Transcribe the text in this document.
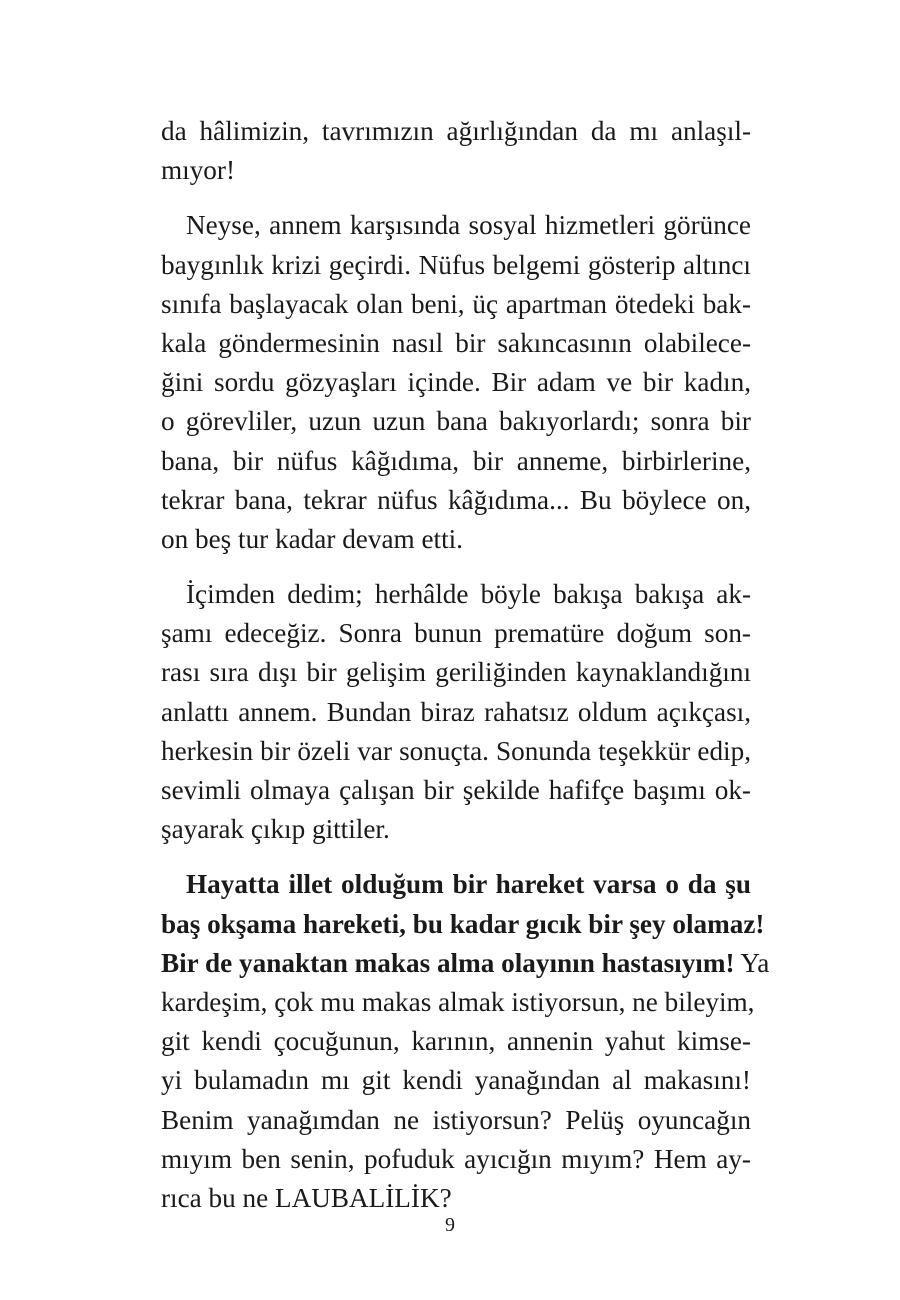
da hâlimizin, tavrımızın ağırlığından da mı anlaşıl-
mıyor!
Neyse, annem karşısında sosyal hizmetleri görünce
baygınlık krizi geçirdi. Nüfus belgemi gösterip altıncı
sınıfa başlayacak olan beni, üç apartman ötedeki bak-
kala göndermesinin nasıl bir sakıncasının olabilece-
ğini sordu gözyaşları içinde. Bir adam ve bir kadın,
o görevliler, uzun uzun bana bakıyorlardı; sonra bir
bana, bir nüfus kâğıdıma, bir anneme, birbirlerine,
tekrar bana, tekrar nüfus kâğıdıma... Bu böylece on,
on beş tur kadar devam etti.
İçimden dedim; herhâlde böyle bakışa bakışa ak-
şamı edeceğiz. Sonra bunun prematüre doğum son-
rası sıra dışı bir gelişim geriliğinden kaynaklandığını
anlattı annem. Bundan biraz rahatsız oldum açıkçası,
herkesin bir özeli var sonuçta. Sonunda teşekkür edip,
sevimli olmaya çalışan bir şekilde hafifçe başımı ok-
şayarak çıkıp gittiler.
Hayatta illet olduğum bir hareket varsa o da şu
baş okşama hareketi, bu kadar gıcık bir şey olamaz!
Bir de yanaktan makas alma olayının hastasıyım! Ya
kardeşim, çok mu makas almak istiyorsun, ne bileyim,
git kendi çocuğunun, karının, annenin yahut kimse-
yi bulamadın mı git kendi yanağından al makasını!
Benim yanağımdan ne istiyorsun? Pelüş oyuncağın
mıyım ben senin, pofuduk ayıcığın mıyım? Hem ay-
rıca bu ne LAUBALİLİK?
9
